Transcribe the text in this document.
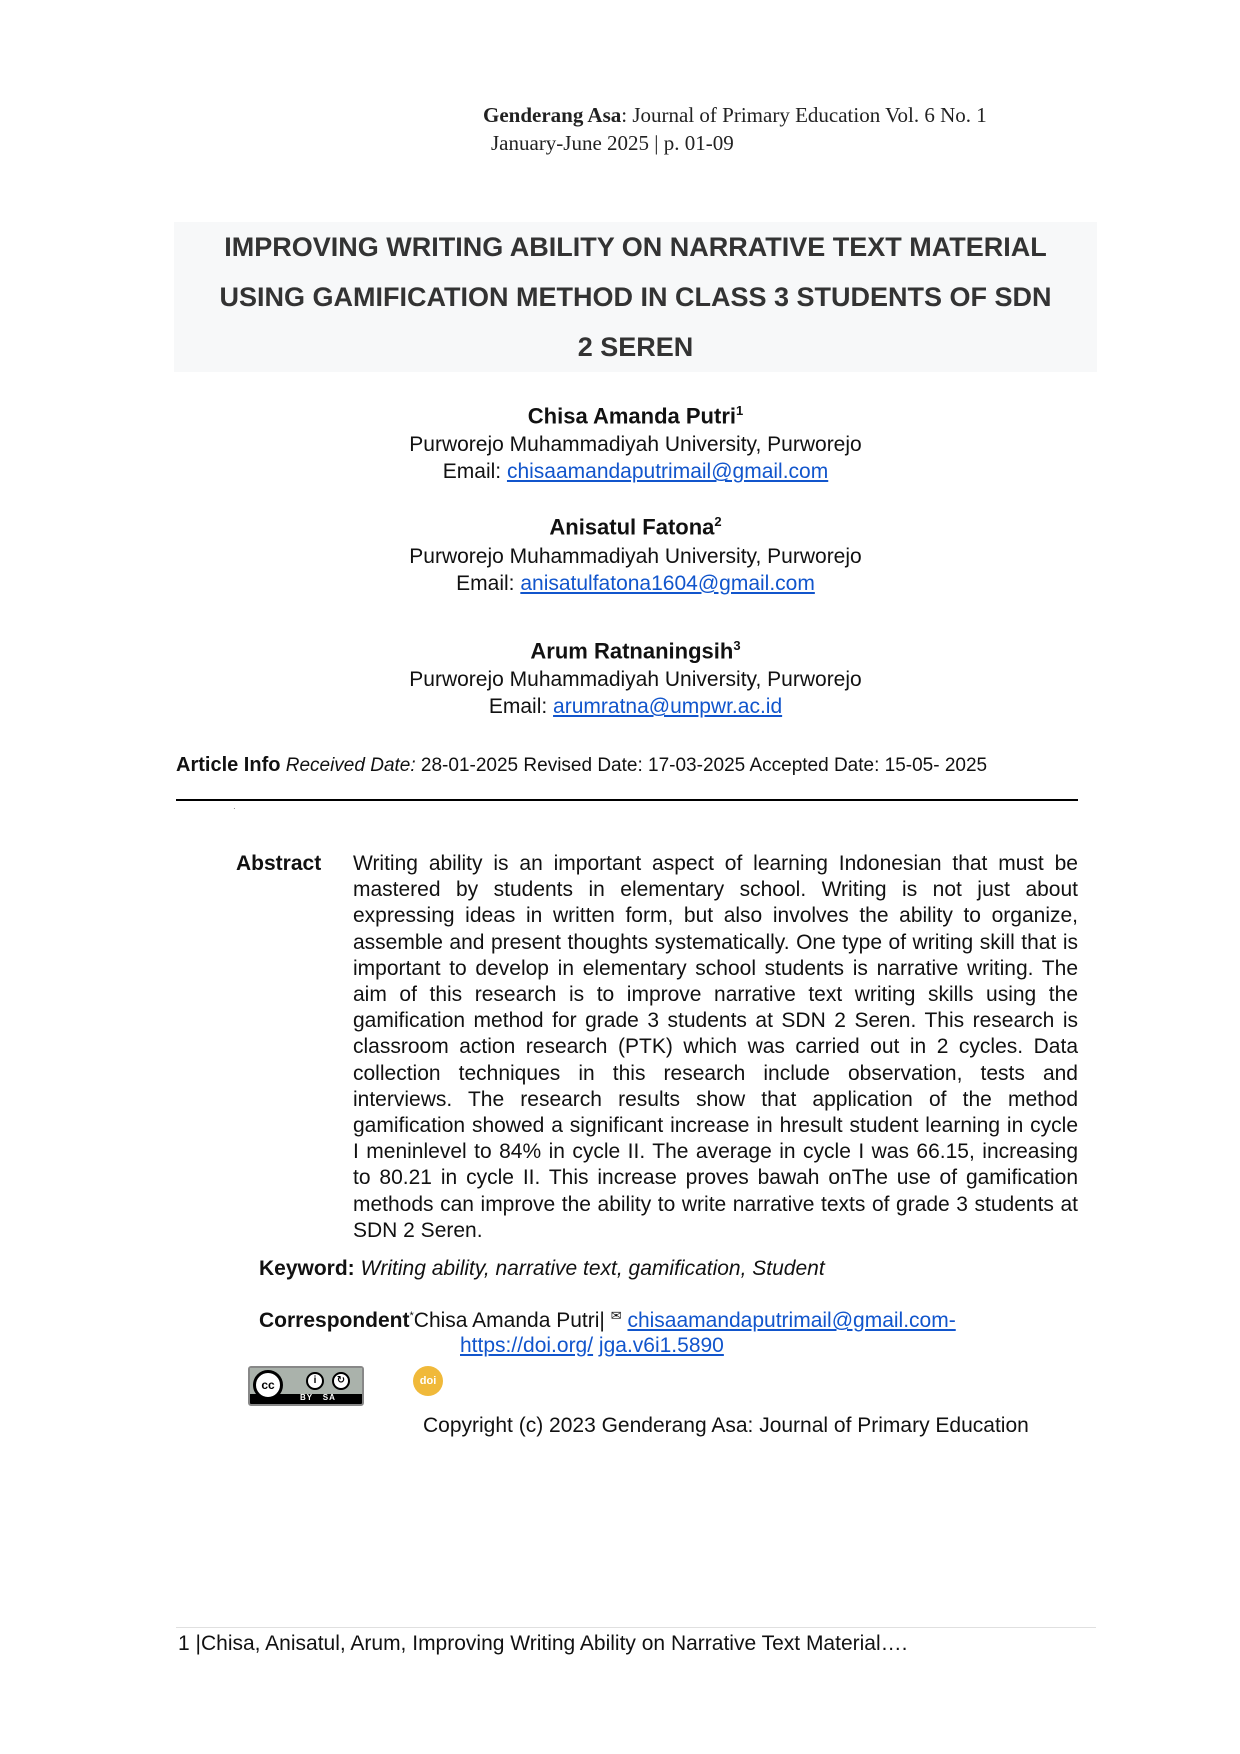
Genderang Asa: Journal of Primary Education Vol. 6 No. 1
January-June 2025 | p. 01-09
IMPROVING WRITING ABILITY ON NARRATIVE TEXT MATERIAL
USING GAMIFICATION METHOD IN CLASS 3 STUDENTS OF SDN
2 SEREN
Chisa Amanda Putri$^1$
Purworejo Muhammadiyah University, Purworejo
Email: chisaamandaputrimail@gmail.com
Anisatul Fatona$^2$
Purworejo Muhammadiyah University, Purworejo
Email: anisatulfatona1604@gmail.com
Arum Ratnaningsih$^3$
Purworejo Muhammadiyah University, Purworejo
Email: arumratna@umpwr.ac.id
Article Info Received Date: 28-01-2025 Revised Date: 17-03-2025 Accepted Date: 15-05- 2025
·
Abstract Writing ability is an important aspect of learning Indonesian that must be mastered by students in elementary school. Writing is not just about expressing ideas in written form, but also involves the ability to organize, assemble and present thoughts systematically. One type of writing skill that is important to develop in elementary school students is narrative writing. The aim of this research is to improve narrative text writing skills using the gamification method for grade 3 students at SDN 2 Seren. This research is classroom action research (PTK) which was carried out in 2 cycles. Data collection techniques in this research include observation, tests and interviews. The research results show that application of the method gamification showed a significant increase in hresult student learning in cycle I meninlevel to 84% in cycle II. The average in cycle I was 66.15, increasing to 80.21 in cycle II. This increase proves bawah onThe use of gamification methods can improve the ability to write narrative texts of grade 3 students at SDN 2 Seren.
Keyword: Writing ability, narrative text, gamification, Student
Correspondent*Chisa Amanda Putri| ✉ chisaamandaputrimail@gmail.com-
https://doi.org/ jga.v6i1.5890
cc	i	↻
BY SA
doi
Copyright (c) 2023 Genderang Asa: Journal of Primary Education
1 |Chisa, Anisatul, Arum, Improving Writing Ability on Narrative Text Material….
